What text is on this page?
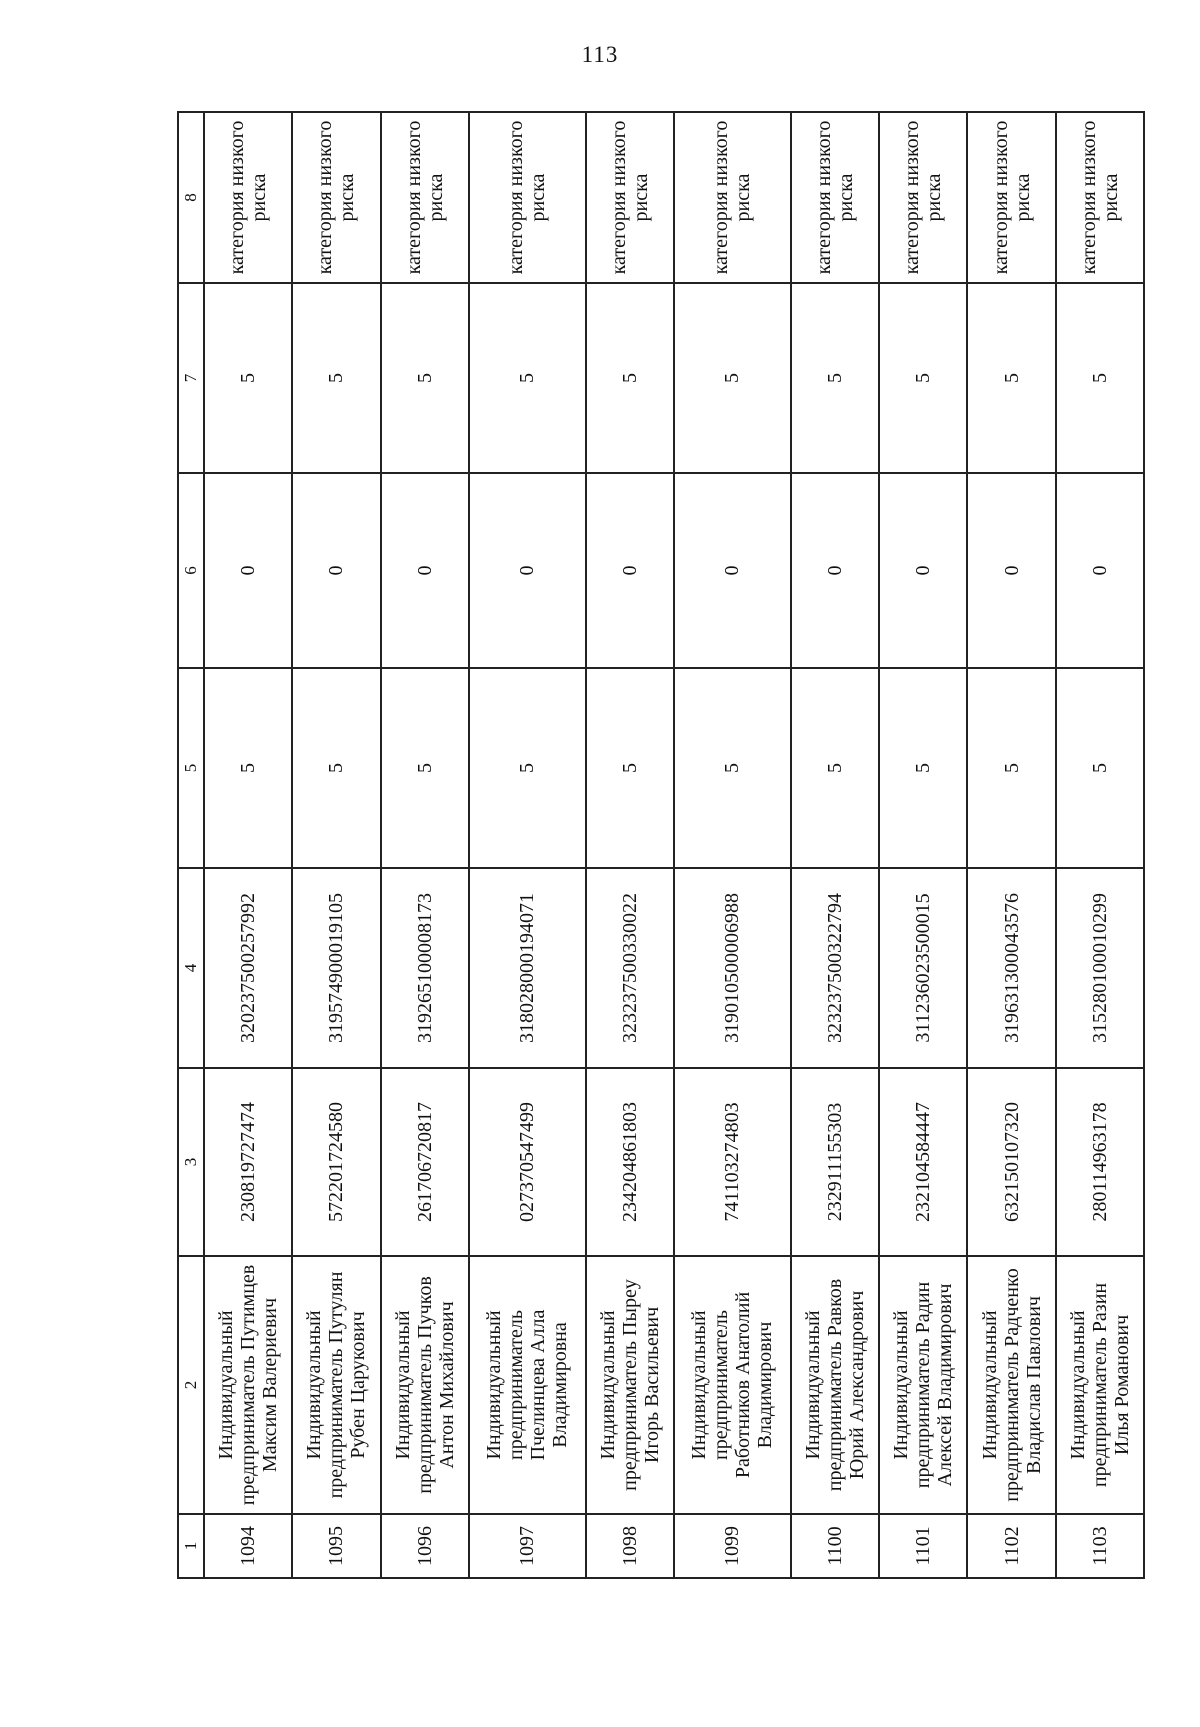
113
1	2	3	4	5	6	7	8
1094	Индивидуальный предприниматель Путимцев Максим Валериевич	230819727474	320237500257992	5	0	5	категория низкого риска
1095	Индивидуальный предприниматель Путулян Рубен Царукович	572201724580	319574900019105	5	0	5	категория низкого риска
1096	Индивидуальный предприниматель Пучков Антон Михайлович	261706720817	319265100008173	5	0	5	категория низкого риска
1097	Индивидуальный предприниматель Пчелинцева Алла Владимировна	027370547499	318028000194071	5	0	5	категория низкого риска
1098	Индивидуальный предприниматель Пырeу Игорь Васильевич	234204861803	323237500330022	5	0	5	категория низкого риска
1099	Индивидуальный предприниматель Работников Анатолий Владимирович	741103274803	319010500006988	5	0	5	категория низкого риска
1100	Индивидуальный предприниматель Равков Юрий Александрович	232911155303	323237500322794	5	0	5	категория низкого риска
1101	Индивидуальный предприниматель Радин Алексей Владимирович	232104584447	311236023500015	5	0	5	категория низкого риска
1102	Индивидуальный предприниматель Радченко Владислав Павлович	632150107320	319631300043576	5	0	5	категория низкого риска
1103	Индивидуальный предприниматель Разин Илья Романович	280114963178	315280100010299	5	0	5	категория низкого риска
